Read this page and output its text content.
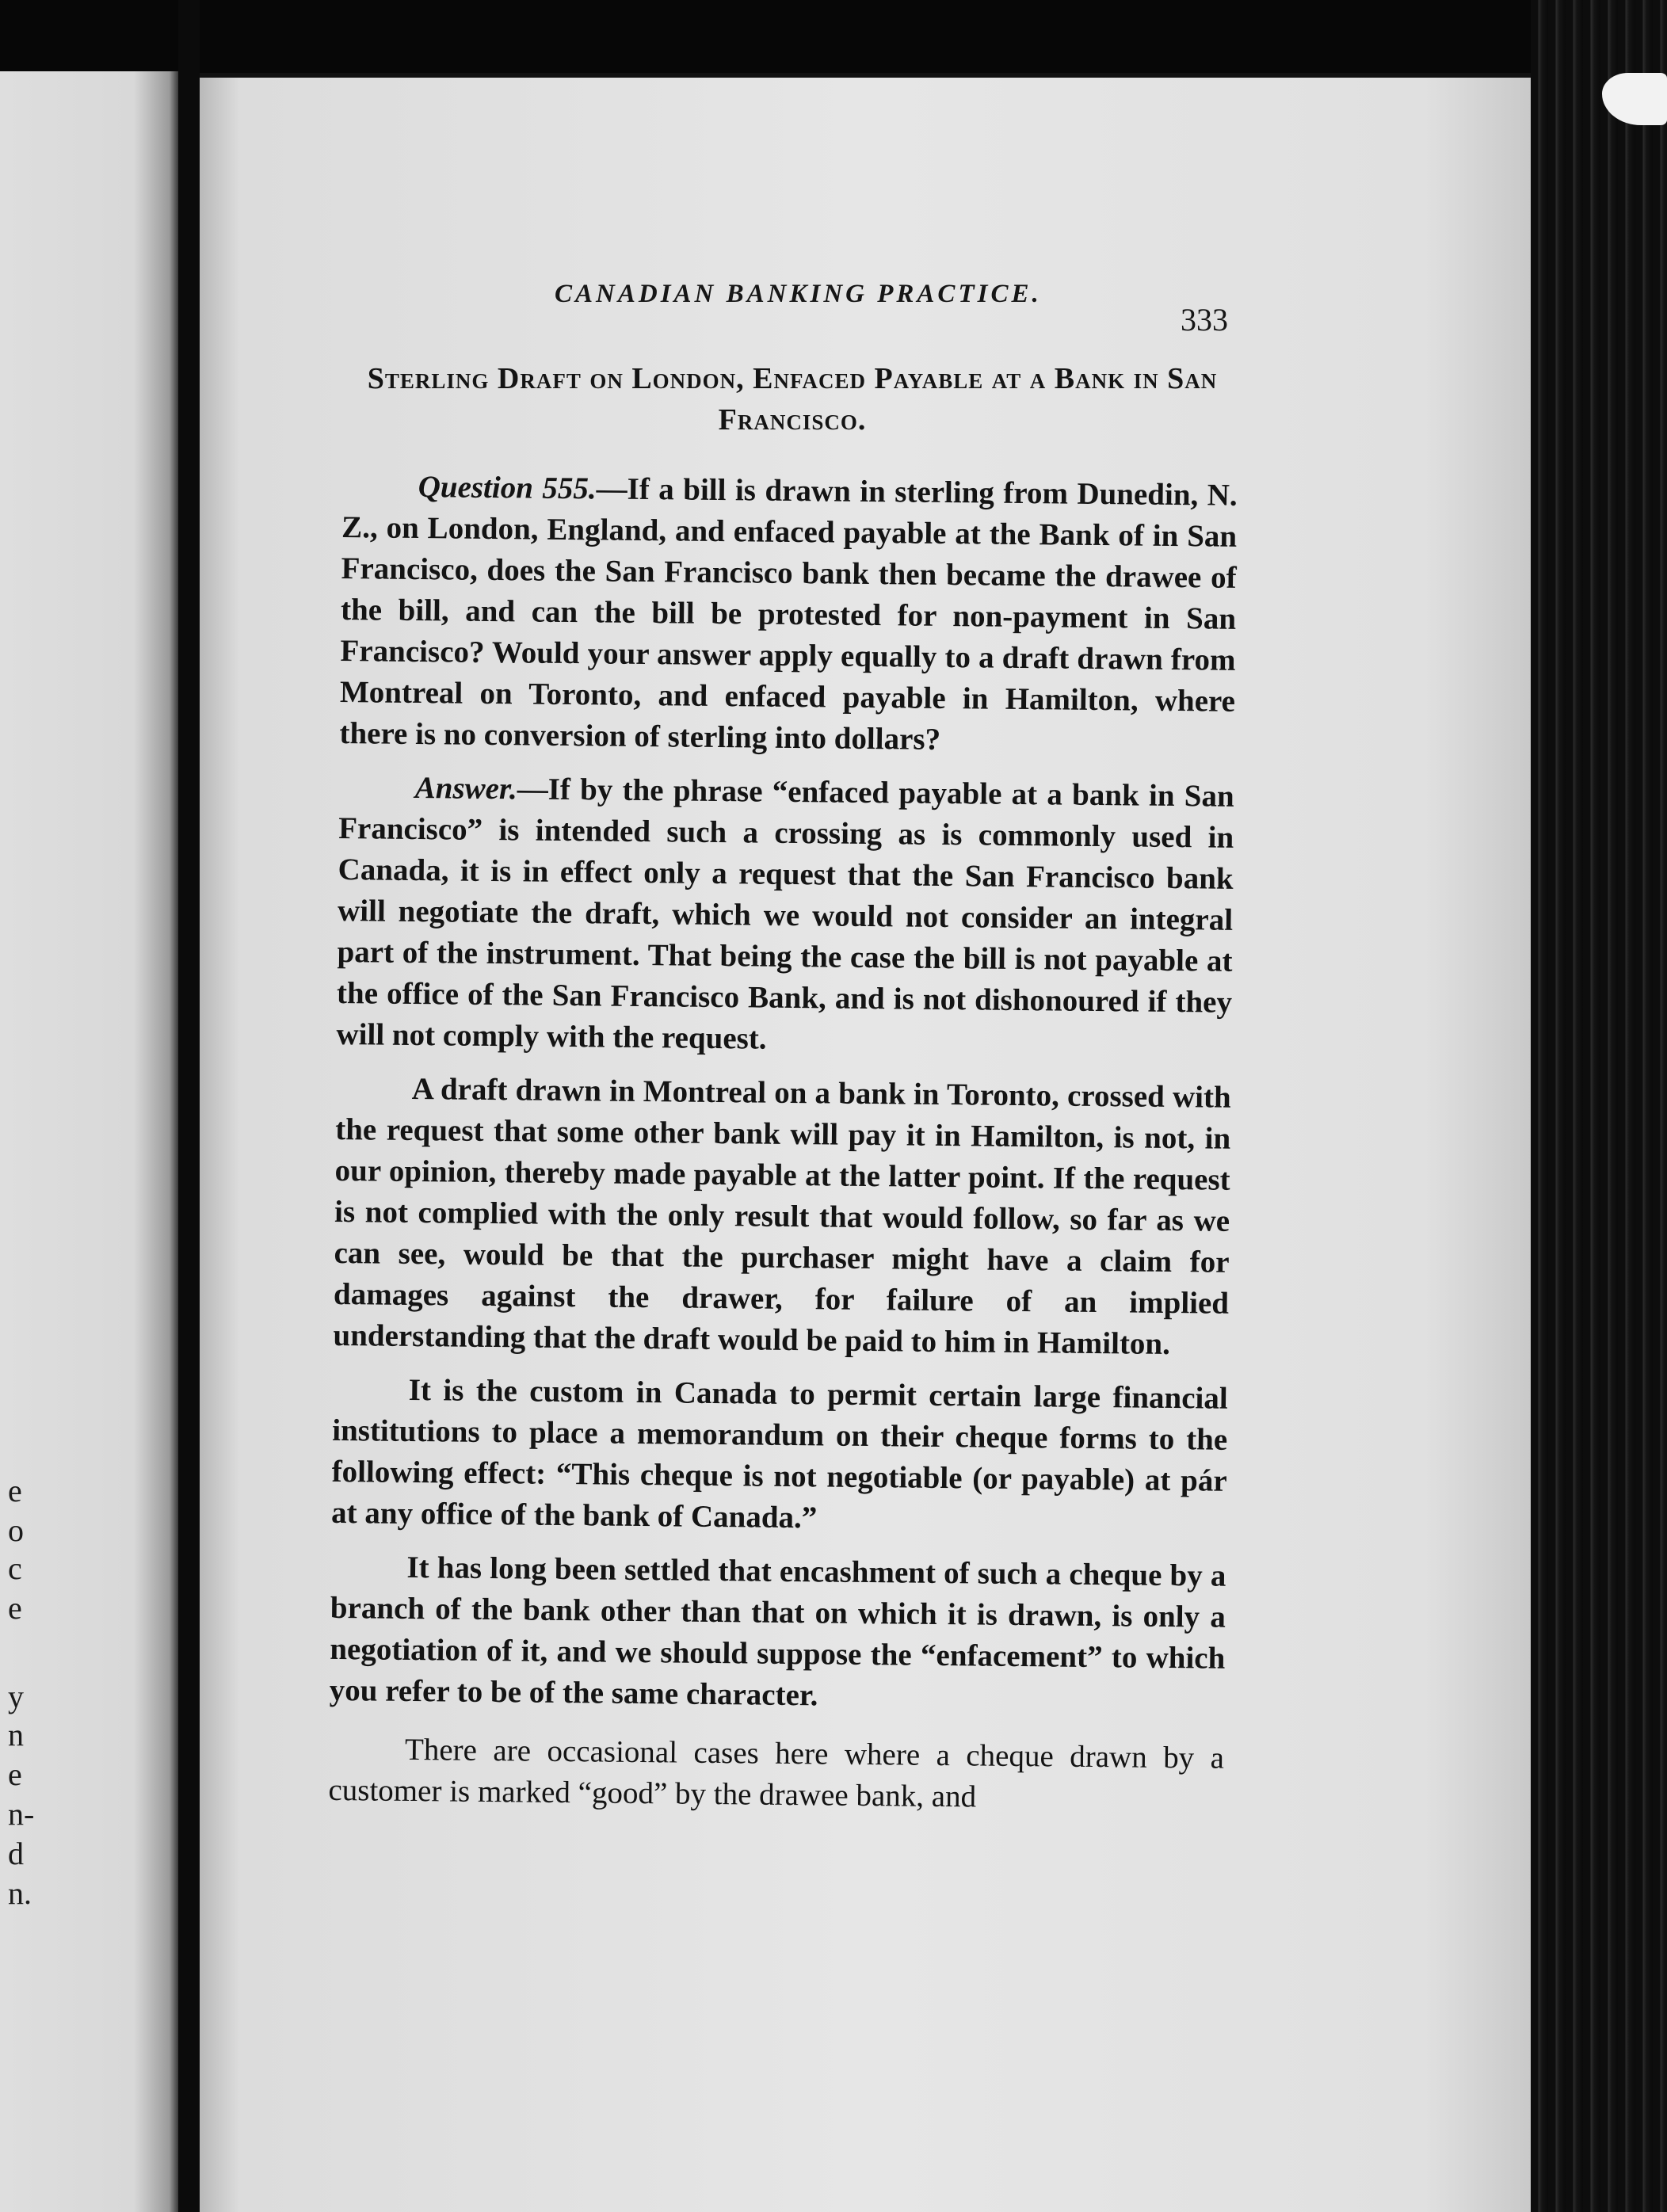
e
o
c
e
y
n
e
n-
d
n.
CANADIAN BANKING PRACTICE.
333
Sterling Draft on London, Enfaced Payable at a Bank in San Francisco.

Question 555.—If a bill is drawn in sterling from Dunedin, N. Z., on London, England, and enfaced payable at the Bank of in San Francisco, does the San Francisco bank then became the drawee of the bill, and can the bill be protested for non-payment in San Francisco? Would your answer apply equally to a draft drawn from Montreal on Toronto, and enfaced payable in Hamilton, where there is no conversion of sterling into dollars?

Answer.—If by the phrase “enfaced payable at a bank in San Francisco” is intended such a crossing as is commonly used in Canada, it is in effect only a request that the San Francisco bank will negotiate the draft, which we would not consider an integral part of the instrument. That being the case the bill is not payable at the office of the San Francisco Bank, and is not dishonoured if they will not comply with the request.

A draft drawn in Montreal on a bank in Toronto, crossed with the request that some other bank will pay it in Hamilton, is not, in our opinion, thereby made payable at the latter point. If the request is not complied with the only result that would follow, so far as we can see, would be that the purchaser might have a claim for damages against the drawer, for failure of an implied understanding that the draft would be paid to him in Hamilton.

It is the custom in Canada to permit certain large financial institutions to place a memorandum on their cheque forms to the following effect: “This cheque is not negotiable (or payable) at pár at any office of the bank of Canada.”

It has long been settled that encashment of such a cheque by a branch of the bank other than that on which it is drawn, is only a negotiation of it, and we should suppose the “enfacement” to which you refer to be of the same character.

There are occasional cases here where a cheque drawn by a customer is marked “good” by the drawee bank, and
